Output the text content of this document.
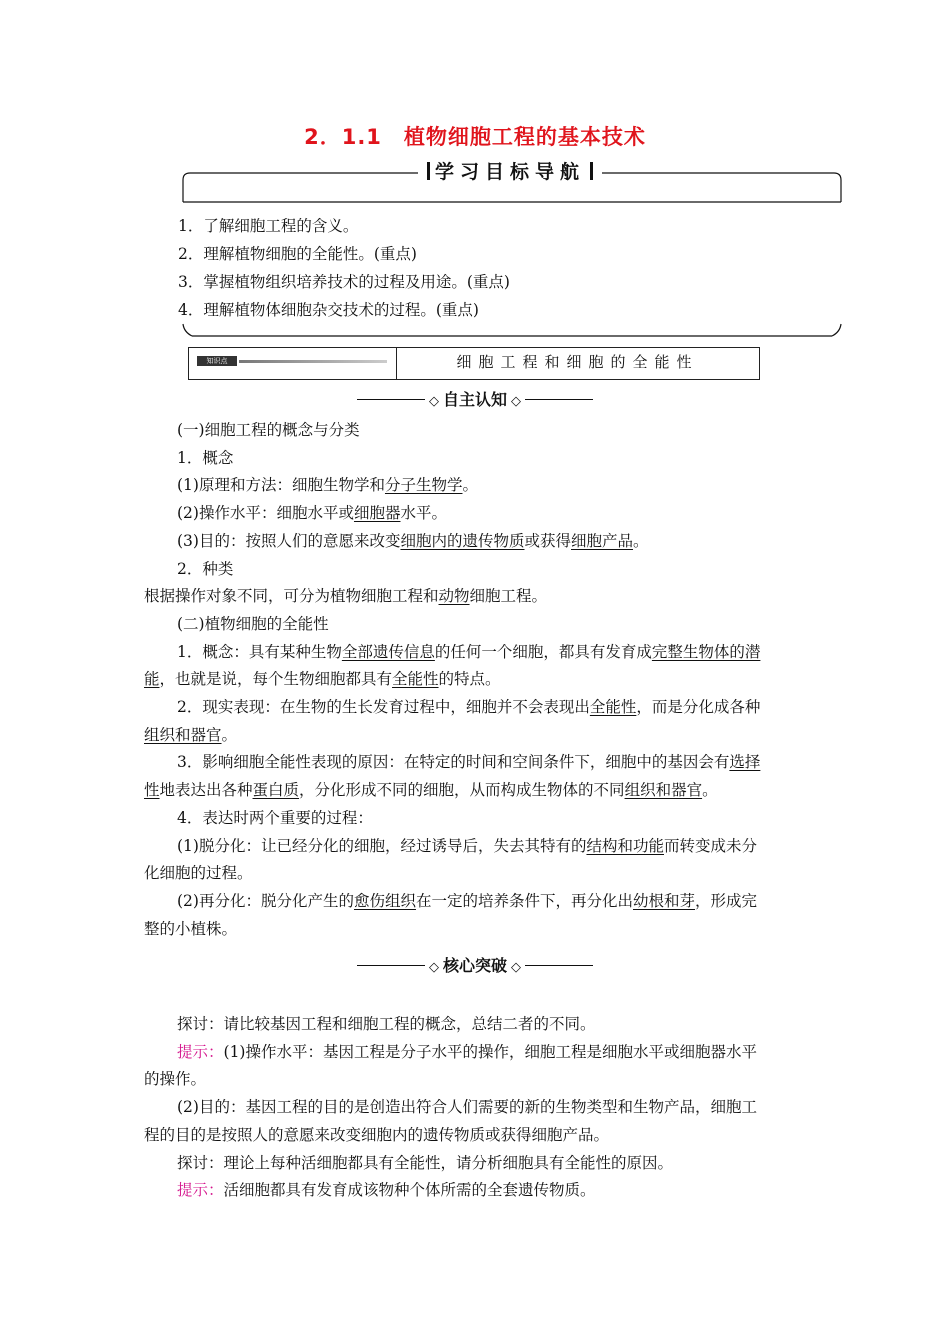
2．1.1　植物细胞工程的基本技术
学习目标导航
1．了解细胞工程的含义。
2．理解植物细胞的全能性。(重点)
3．掌握植物组织培养技术的过程及用途。(重点)
4．理解植物体细胞杂交技术的过程。(重点)
知识点	细胞工程和细胞的全能性
◇ 自主认知 ◇

(一)细胞工程的概念与分类

1．概念

(1)原理和方法：细胞生物学和分子生物学。

(2)操作水平：细胞水平或细胞器水平。

(3)目的：按照人们的意愿来改变细胞内的遗传物质或获得细胞产品。

2．种类

根据操作对象不同，可分为植物细胞工程和动物细胞工程。

(二)植物细胞的全能性

1．概念：具有某种生物全部遗传信息的任何一个细胞，都具有发育成完整生物体的潜

能，也就是说，每个生物细胞都具有全能性的特点。

2．现实表现：在生物的生长发育过程中，细胞并不会表现出全能性，而是分化成各种

组织和器官。

3．影响细胞全能性表现的原因：在特定的时间和空间条件下，细胞中的基因会有选择

性地表达出各种蛋白质，分化形成不同的细胞，从而构成生物体的不同组织和器官。

4．表达时两个重要的过程：

(1)脱分化：让已经分化的细胞，经过诱导后，失去其特有的结构和功能而转变成未分

化细胞的过程。

(2)再分化：脱分化产生的愈伤组织在一定的培养条件下，再分化出幼根和芽，形成完

整的小植株。

◇ 核心突破 ◇

探讨：请比较基因工程和细胞工程的概念，总结二者的不同。

提示：(1)操作水平：基因工程是分子水平的操作，细胞工程是细胞水平或细胞器水平

的操作。

(2)目的：基因工程的目的是创造出符合人们需要的新的生物类型和生物产品，细胞工

程的目的是按照人的意愿来改变细胞内的遗传物质或获得细胞产品。

探讨：理论上每种活细胞都具有全能性，请分析细胞具有全能性的原因。

提示：活细胞都具有发育成该物种个体所需的全套遗传物质。
